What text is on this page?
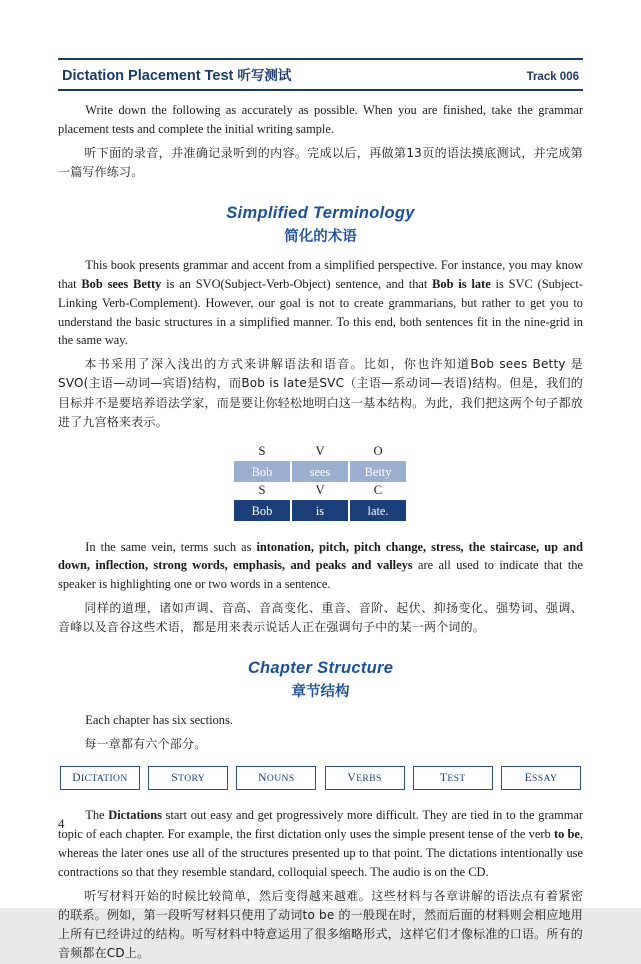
Dictation Placement Test 听写测试	Track 006

Write down the following as accurately as possible. When you are finished, take the grammar placement tests and complete the initial writing sample.

听下面的录音，并准确记录听到的内容。完成以后，再做第13页的语法摸底测试，并完成第一篇写作练习。

Simplified Terminology
简化的术语

This book presents grammar and accent from a simplified perspective. For instance, you may know that Bob sees Betty is an SVO(Subject-Verb-Object) sentence, and that Bob is late is SVC (Subject-Linking Verb-Complement). However, our goal is not to create grammarians, but rather to get you to understand the basic structures in a simplified manner. To this end, both sentences fit in the nine-grid in the same way.

本书采用了深入浅出的方式来讲解语法和语音。比如，你也许知道Bob sees Betty 是SVO(主语—动词—宾语)结构，而Bob is late是SVC（主语—系动词—表语)结构。但是，我们的目标并不是要培养语法学家，而是要让你轻松地明白这一基本结构。为此，我们把这两个句子都放进了九宫格来表示。

S	V	O
Bob	sees	Betty
S	V	C
Bob	is	late.

In the same vein, terms such as intonation, pitch, pitch change, stress, the staircase, up and down, inflection, strong words, emphasis, and peaks and valleys are all used to indicate that the speaker is highlighting one or two words in a sentence.

同样的道理，诸如声调、音高、音高变化、重音、音阶、起伏、抑扬变化、强势词、强调、音峰以及音谷这些术语，都是用来表示说话人正在强调句子中的某一两个词的。

Chapter Structure
章节结构

Each chapter has six sections.

每一章都有六个部分。

DICTATION	STORY	NOUNS	VERBS	TEST	ESSAY

The Dictations start out easy and get progressively more difficult. They are tied in to the grammar topic of each chapter. For example, the first dictation only uses the simple present tense of the verb to be, whereas the later ones use all of the structures presented up to that point. The dictations intentionally use contractions so that they resemble standard, colloquial speech. The audio is on the CD.

听写材料开始的时候比较简单，然后变得越来越难。这些材料与各章讲解的语法点有着紧密的联系。例如，第一段听写材料只使用了动词to be 的一般现在时，然而后面的材料则会相应地用上所有已经讲过的结构。听写材料中特意运用了很多缩略形式，这样它们才像标准的口语。所有的音频都在CD上。

4
